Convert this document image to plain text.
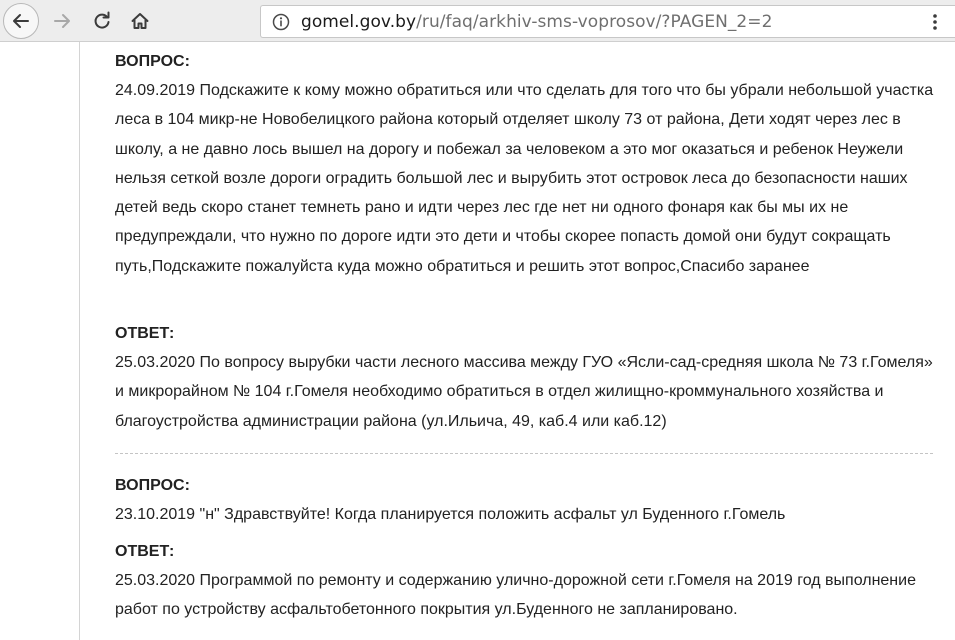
gomel.gov.by/ru/faq/arkhiv-sms-voprosov/?PAGEN_2=2

ВОПРОС:

24.09.2019 Подскажите к кому можно обратиться или что сделать для того что бы убрали небольшой участка леса в 104 микр-не Новобелицкого района который отделяет школу 73 от района, Дети ходят через лес в школу, а не давно лось вышел на дорогу и побежал за человеком а это мог оказаться и ребенок Неужели нельзя сеткой возле дороги оградить большой лес и вырубить этот островок леса до безопасности наших детей ведь скоро станет темнеть рано и идти через лес где нет ни одного фонаря как бы мы их не предупреждали, что нужно по дороге идти это дети и чтобы скорее попасть домой они будут сокращать путь,Подскажите пожалуйста куда можно обратиться и решить этот вопрос,Спасибо заранее

ОТВЕТ:

25.03.2020 По вопросу вырубки части лесного массива между ГУО «Ясли-сад-средняя школа № 73 г.Гомеля» и микрорайном № 104 г.Гомеля необходимо обратиться в отдел жилищно-кроммунального хозяйства и благоустройства администрации района (ул.Ильича, 49, каб.4 или каб.12)

ВОПРОС:

23.10.2019 "н" Здравствуйте! Когда планируется положить асфальт ул Буденного г.Гомель

ОТВЕТ:

25.03.2020 Программой по ремонту и содержанию улично-дорожной сети г.Гомеля на 2019 год выполнение работ по устройству асфальтобетонного покрытия ул.Буденного не запланировано.
